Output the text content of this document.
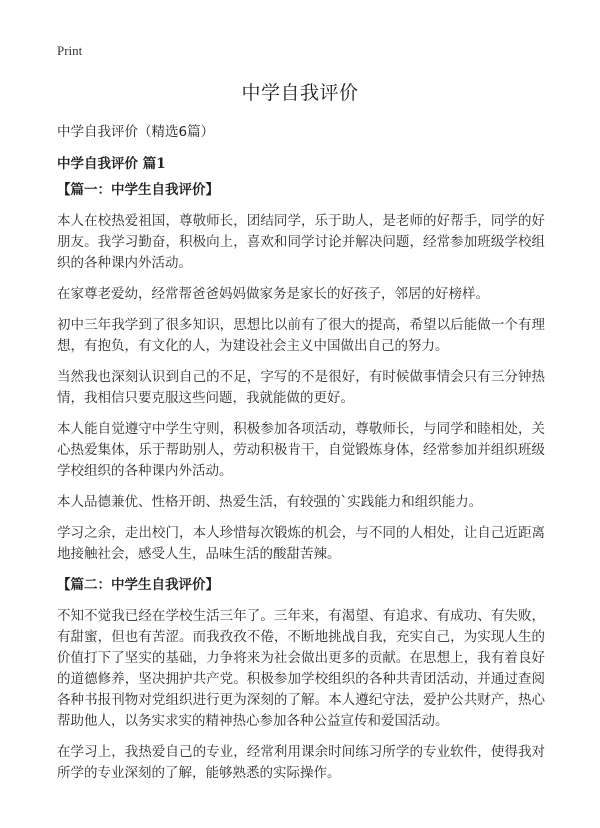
Print
中学自我评价

中学自我评价（精选6篇）

中学自我评价 篇1

【篇一：中学生自我评价】

本人在校热爱祖国，尊敬师长，团结同学，乐于助人，是老师的好帮手，同学的好朋友。我学习勤奋，积极向上，喜欢和同学讨论并解决问题，经常参加班级学校组织的各种课内外活动。

在家尊老爱幼，经常帮爸爸妈妈做家务是家长的好孩子，邻居的好榜样。

初中三年我学到了很多知识，思想比以前有了很大的提高，希望以后能做一个有理想，有抱负，有文化的人，为建设社会主义中国做出自己的努力。

当然我也深刻认识到自己的不足，字写的不是很好，有时候做事情会只有三分钟热情，我相信只要克服这些问题，我就能做的更好。

本人能自觉遵守中学生守则，积极参加各项活动，尊敬师长，与同学和睦相处，关心热爱集体，乐于帮助别人，劳动积极肯干，自觉锻炼身体，经常参加并组织班级学校组织的各种课内外活动。

本人品德兼优、性格开朗、热爱生活，有较强的`实践能力和组织能力。

学习之余，走出校门，本人珍惜每次锻炼的机会，与不同的人相处，让自己近距离地接触社会，感受人生，品味生活的酸甜苦辣。

【篇二：中学生自我评价】

不知不觉我已经在学校生活三年了。三年来，有渴望、有追求、有成功、有失败，有甜蜜，但也有苦涩。而我孜孜不倦，不断地挑战自我，充实自己，为实现人生的价值打下了坚实的基础，力争将来为社会做出更多的贡献。在思想上，我有着良好的道德修养，坚决拥护共产党。积极参加学校组织的各种共青团活动，并通过查阅各种书报刊物对党组织进行更为深刻的了解。本人遵纪守法，爱护公共财产，热心帮助他人，以务实求实的精神热心参加各种公益宣传和爱国活动。

在学习上，我热爱自己的专业，经常利用课余时间练习所学的专业软件，使得我对所学的专业深刻的了解，能够熟悉的实际操作。
